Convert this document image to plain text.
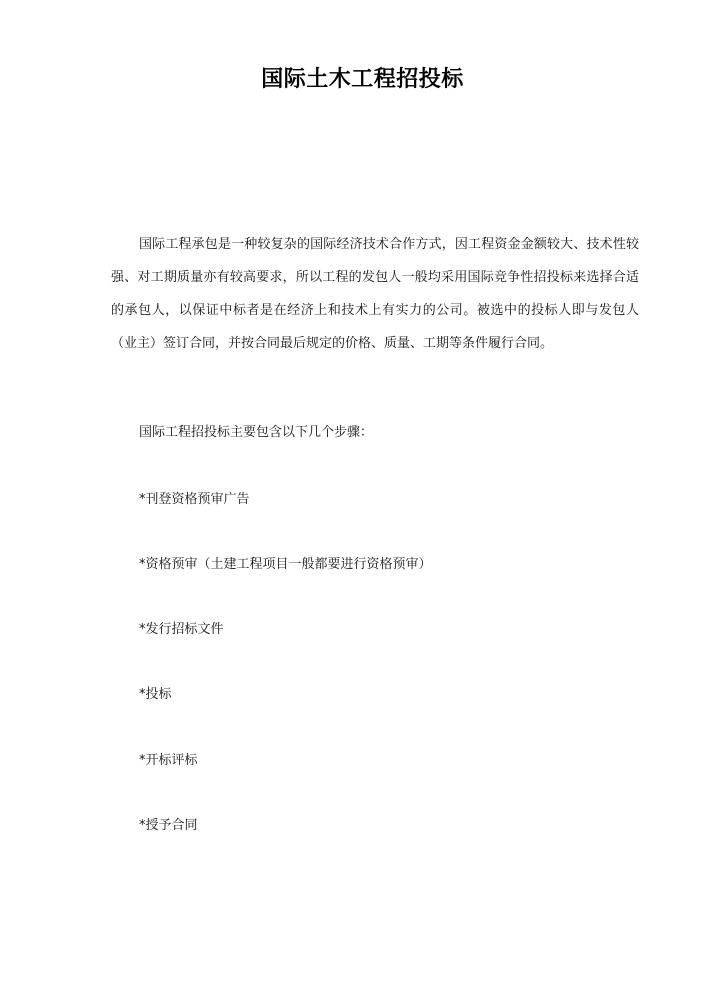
国际土木工程招投标

国际工程承包是一种较复杂的国际经济技术合作方式，因工程资金金额较大、技术性较强、对工期质量亦有较高要求，所以工程的发包人一般均采用国际竞争性招投标来选择合适的承包人，以保证中标者是在经济上和技术上有实力的公司。被选中的投标人即与发包人（业主）签订合同，并按合同最后规定的价格、质量、工期等条件履行合同。

国际工程招投标主要包含以下几个步骤：

*刊登资格预审广告

*资格预审（土建工程项目一般都要进行资格预审）

*发行招标文件

*投标

*开标评标

*授予合同
